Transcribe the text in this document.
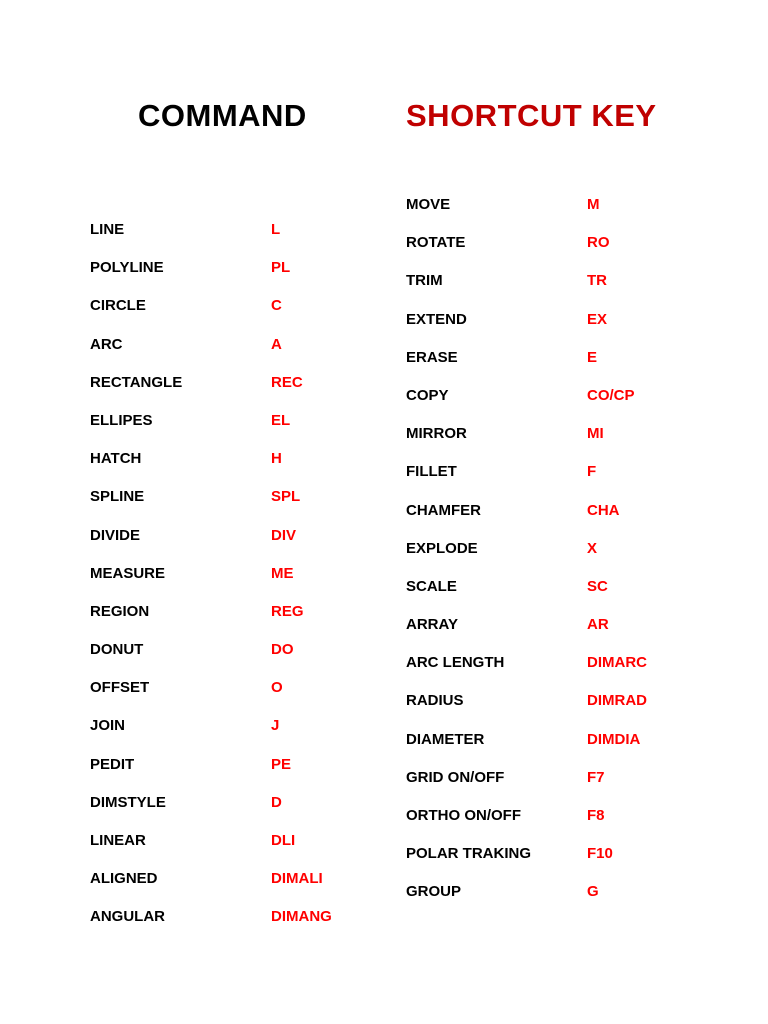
COMMAND	SHORTCUT KEY
LINE	L
POLYLINE	PL
CIRCLE	C
ARC	A
RECTANGLE	REC
ELLIPES	EL
HATCH	H
SPLINE	SPL
DIVIDE	DIV
MEASURE	ME
REGION	REG
DONUT	DO
OFFSET	O
JOIN	J
PEDIT	PE
DIMSTYLE	D
LINEAR	DLI
ALIGNED	DIMALI
ANGULAR	DIMANG
MOVE	M
ROTATE	RO
TRIM	TR
EXTEND	EX
ERASE	E
COPY	CO/CP
MIRROR	MI
FILLET	F
CHAMFER	CHA
EXPLODE	X
SCALE	SC
ARRAY	AR
ARC LENGTH	DIMARC
RADIUS	DIMRAD
DIAMETER	DIMDIA
GRID ON/OFF	F7
ORTHO ON/OFF	F8
POLAR TRAKING	F10
GROUP	G
